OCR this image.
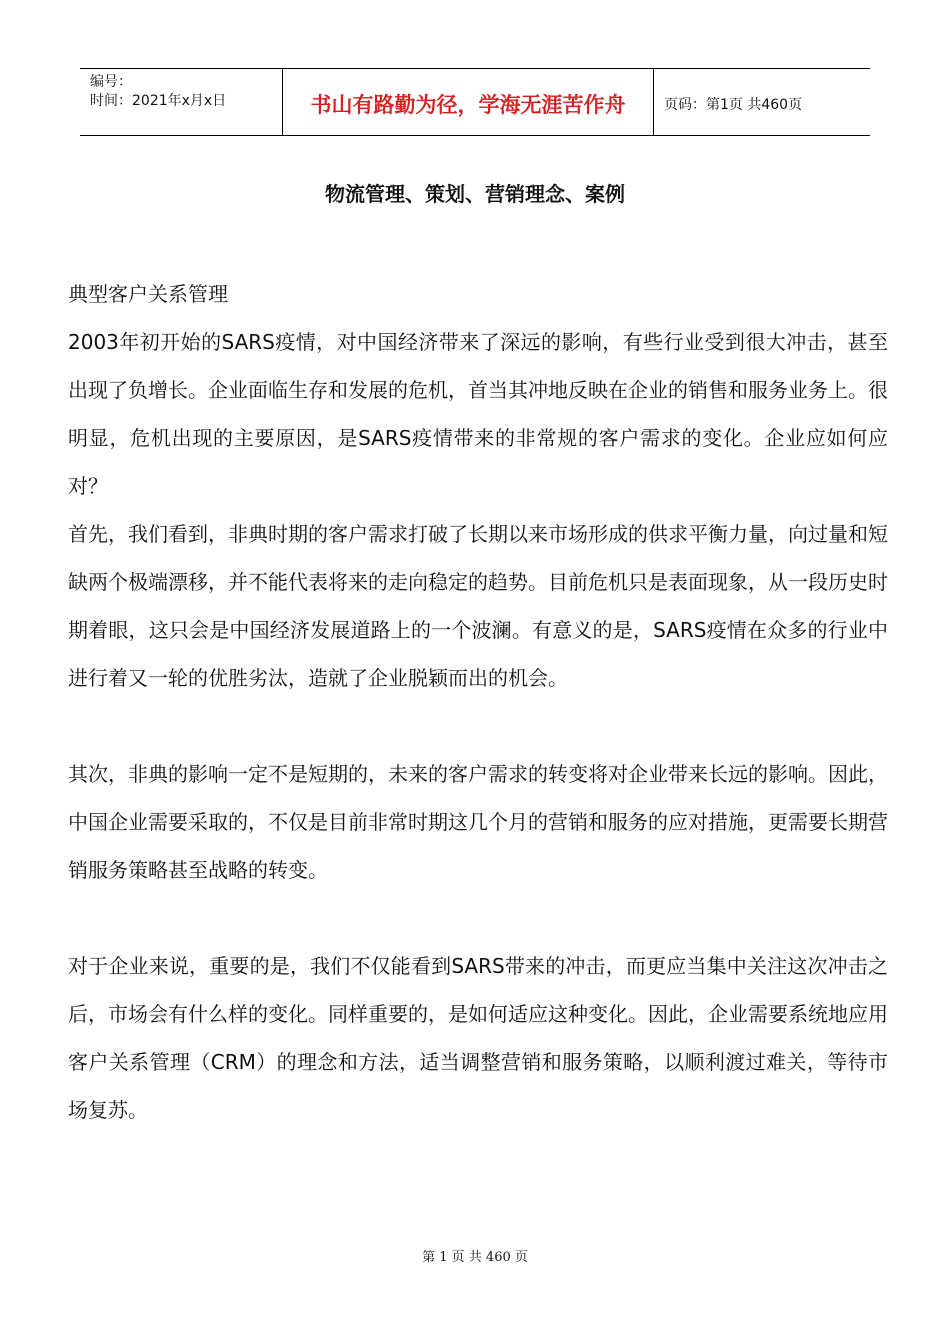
编号：
时间：2021年x月x日	书山有路勤为径，学海无涯苦作舟	页码：第1页 共460页
物流管理、策划、营销理念、案例

典型客户关系管理

2003年初开始的SARS疫情，对中国经济带来了深远的影响，有些行业受到很大冲击，甚至出现了负增长。企业面临生存和发展的危机，首当其冲地反映在企业的销售和服务业务上。很明显，危机出现的主要原因，是SARS疫情带来的非常规的客户需求的变化。企业应如何应对？

首先，我们看到，非典时期的客户需求打破了长期以来市场形成的供求平衡力量，向过量和短缺两个极端漂移，并不能代表将来的走向稳定的趋势。目前危机只是表面现象，从一段历史时期着眼，这只会是中国经济发展道路上的一个波澜。有意义的是，SARS疫情在众多的行业中进行着又一轮的优胜劣汰，造就了企业脱颖而出的机会。

其次，非典的影响一定不是短期的，未来的客户需求的转变将对企业带来长远的影响。因此，中国企业需要采取的，不仅是目前非常时期这几个月的营销和服务的应对措施，更需要长期营销服务策略甚至战略的转变。

对于企业来说，重要的是，我们不仅能看到SARS带来的冲击，而更应当集中关注这次冲击之后，市场会有什么样的变化。同样重要的，是如何适应这种变化。因此，企业需要系统地应用客户关系管理（CRM）的理念和方法，适当调整营销和服务策略，以顺利渡过难关，等待市场复苏。

第 1 页 共 460 页
